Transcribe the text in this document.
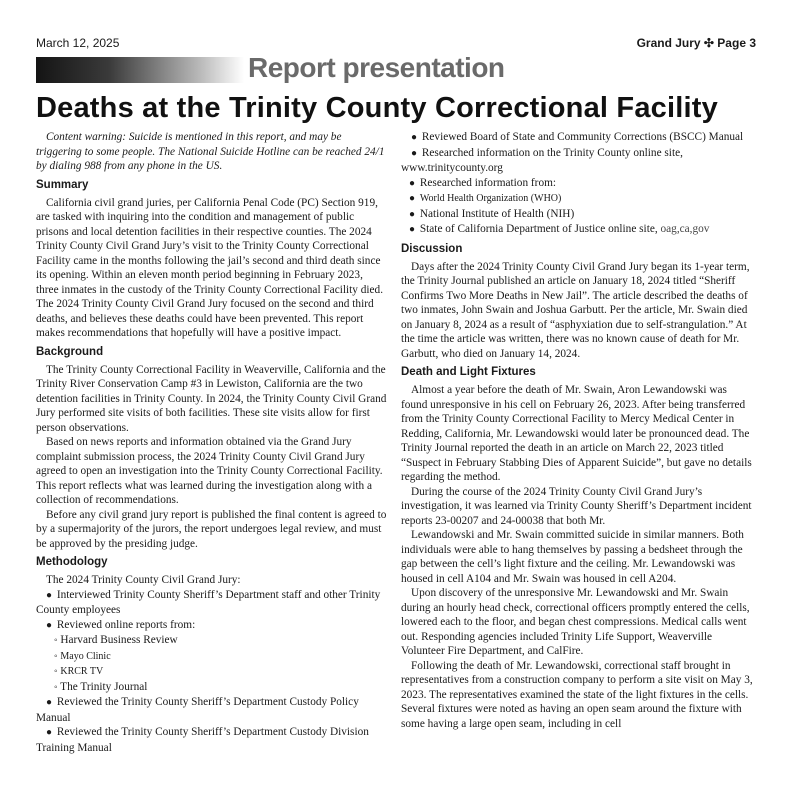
March 12, 2025	Grand Jury ✣ Page 3
Report presentation
Deaths at the Trinity County Correctional Facility

Content warning: Suicide is mentioned in this report, and may be triggering to some people. The National Suicide Hotline can be reached 24/1 by dialing 988 from any phone in the US.

Summary

California civil grand juries, per California Penal Code (PC) Section 919, are tasked with inquiring into the condition and management of public prisons and local detention facilities in their respective counties. The 2024 Trinity County Civil Grand Jury’s visit to the Trinity County Correctional Facility came in the months following the jail’s second and third death since its opening. Within an eleven month period beginning in February 2023, three inmates in the custody of the Trinity County Correctional Facility died. The 2024 Trinity County Civil Grand Jury focused on the second and third deaths, and believes these deaths could have been prevented. This report makes recommendations that hopefully will have a positive impact.

Background

The Trinity County Correctional Facility in Weaverville, California and the Trinity River Conservation Camp #3 in Lewiston, California are the two detention facilities in Trinity County. In 2024, the Trinity County Civil Grand Jury performed site visits of both facilities. These site visits allow for first person observations.

Based on news reports and information obtained via the Grand Jury complaint submission process, the 2024 Trinity County Civil Grand Jury agreed to open an investigation into the Trinity County Correctional Facility. This report reflects what was learned during the investigation along with a collection of recommendations.

Before any civil grand jury report is published the final content is agreed to by a supermajority of the jurors, the report undergoes legal review, and must be approved by the presiding judge.

Methodology

The 2024 Trinity County Civil Grand Jury:

● Interviewed Trinity County Sheriff’s Department staff and other Trinity County employees

● Reviewed online reports from:

◦ Harvard Business Review

◦ Mayo Clinic

◦ KRCR TV

◦ The Trinity Journal

● Reviewed the Trinity County Sheriff’s Department Custody Policy Manual

● Reviewed the Trinity County Sheriff’s Department Custody Division Training Manual

● Reviewed Board of State and Community Corrections (BSCC) Manual

● Researched information on the Trinity County online site, www.trinitycounty.org

● Researched information from:

● World Health Organization (WHO)

● National Institute of Health (NIH)

● State of California Department of Justice online site, oag,ca,gov

Discussion

Days after the 2024 Trinity County Civil Grand Jury began its 1-year term, the Trinity Journal published an article on January 18, 2024 titled “Sheriff Confirms Two More Deaths in New Jail”. The article described the deaths of two inmates, John Swain and Joshua Garbutt. Per the article, Mr. Swain died on January 8, 2024 as a result of “asphyxiation due to self-strangulation.” At the time the article was written, there was no known cause of death for Mr. Garbutt, who died on January 14, 2024.

Death and Light Fixtures

Almost a year before the death of Mr. Swain, Aron Lewandowski was found unresponsive in his cell on February 26, 2023. After being transferred from the Trinity County Correctional Facility to Mercy Medical Center in Redding, California, Mr. Lewandowski would later be pronounced dead. The Trinity Journal reported the death in an article on March 22, 2023 titled “Suspect in February Stabbing Dies of Apparent Suicide”, but gave no details regarding the method.

During the course of the 2024 Trinity County Civil Grand Jury’s investigation, it was learned via Trinity County Sheriff’s Department incident reports 23-00207 and 24-00038 that both Mr.

Lewandowski and Mr. Swain committed suicide in similar manners. Both individuals were able to hang themselves by passing a bedsheet through the gap between the cell’s light fixture and the ceiling. Mr. Lewandowski was housed in cell A104 and Mr. Swain was housed in cell A204.

Upon discovery of the unresponsive Mr. Lewandowski and Mr. Swain during an hourly head check, correctional officers promptly entered the cells, lowered each to the floor, and began chest compressions. Medical calls went out. Responding agencies included Trinity Life Support, Weaverville Volunteer Fire Department, and CalFire.

Following the death of Mr. Lewandowski, correctional staff brought in representatives from a construction company to perform a site visit on May 3, 2023. The representatives examined the state of the light fixtures in the cells. Several fixtures were noted as having an open seam around the fixture with some having a large open seam, including in cell
